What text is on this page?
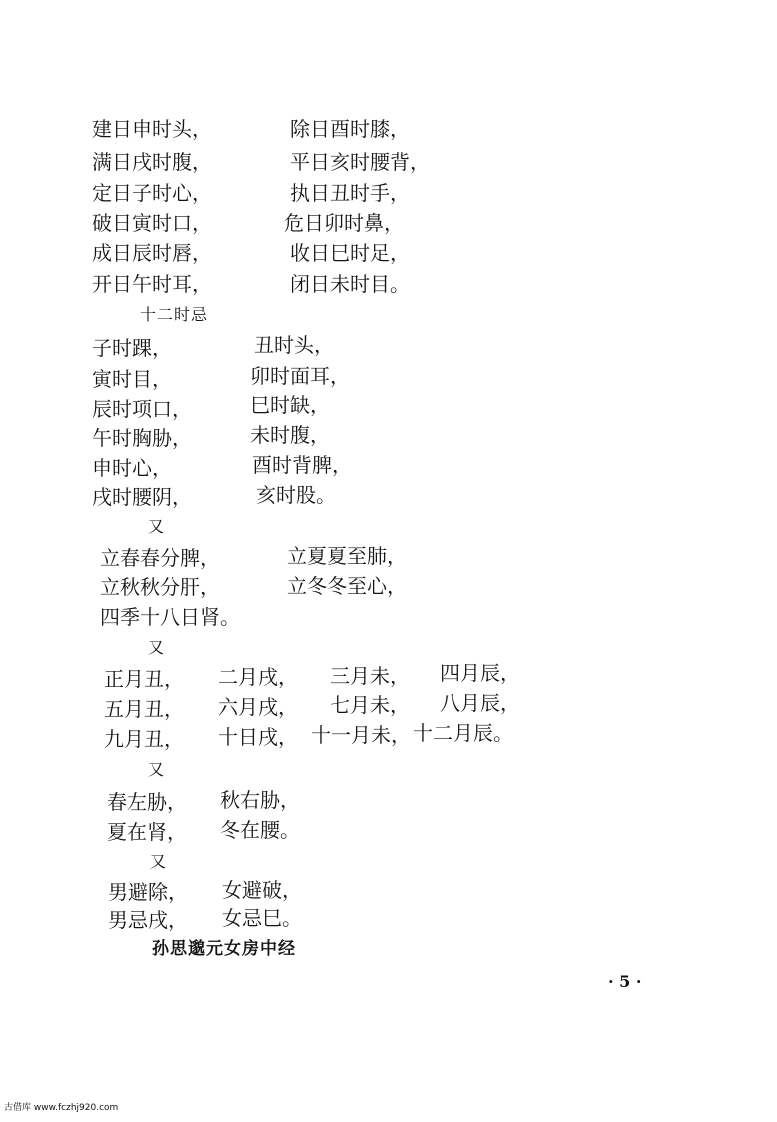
建日申时头，	除日酉时膝，
满日戌时腹，	平日亥时腰背，
定日子时心，	执日丑时手，
破日寅时口，	危日卯时鼻，
成日辰时唇，	收日巳时足，
开日午时耳，	闭日未时目。
十二时忌
子时踝，	丑时头，
寅时目，	卯时面耳，
辰时项口，	巳时缺，
午时胸胁，	未时腹，
申时心，	酉时背脾，
戌时腰阴，	亥时股。
又
立春春分脾，	立夏夏至肺，
立秋秋分肝，	立冬冬至心，
四季十八日肾。
又
正月丑， 二月戌， 三月未， 四月辰，
五月丑， 六月戌， 七月未， 八月辰，
九月丑， 十日戌， 十一月未， 十二月辰。
又
春左胁， 秋右胁，
夏在肾， 冬在腰。
又
男避除， 女避破，
男忌戌， 女忌巳。
孙思邈元女房中经
· 5 ·
古借库 www.fczhj920.com
